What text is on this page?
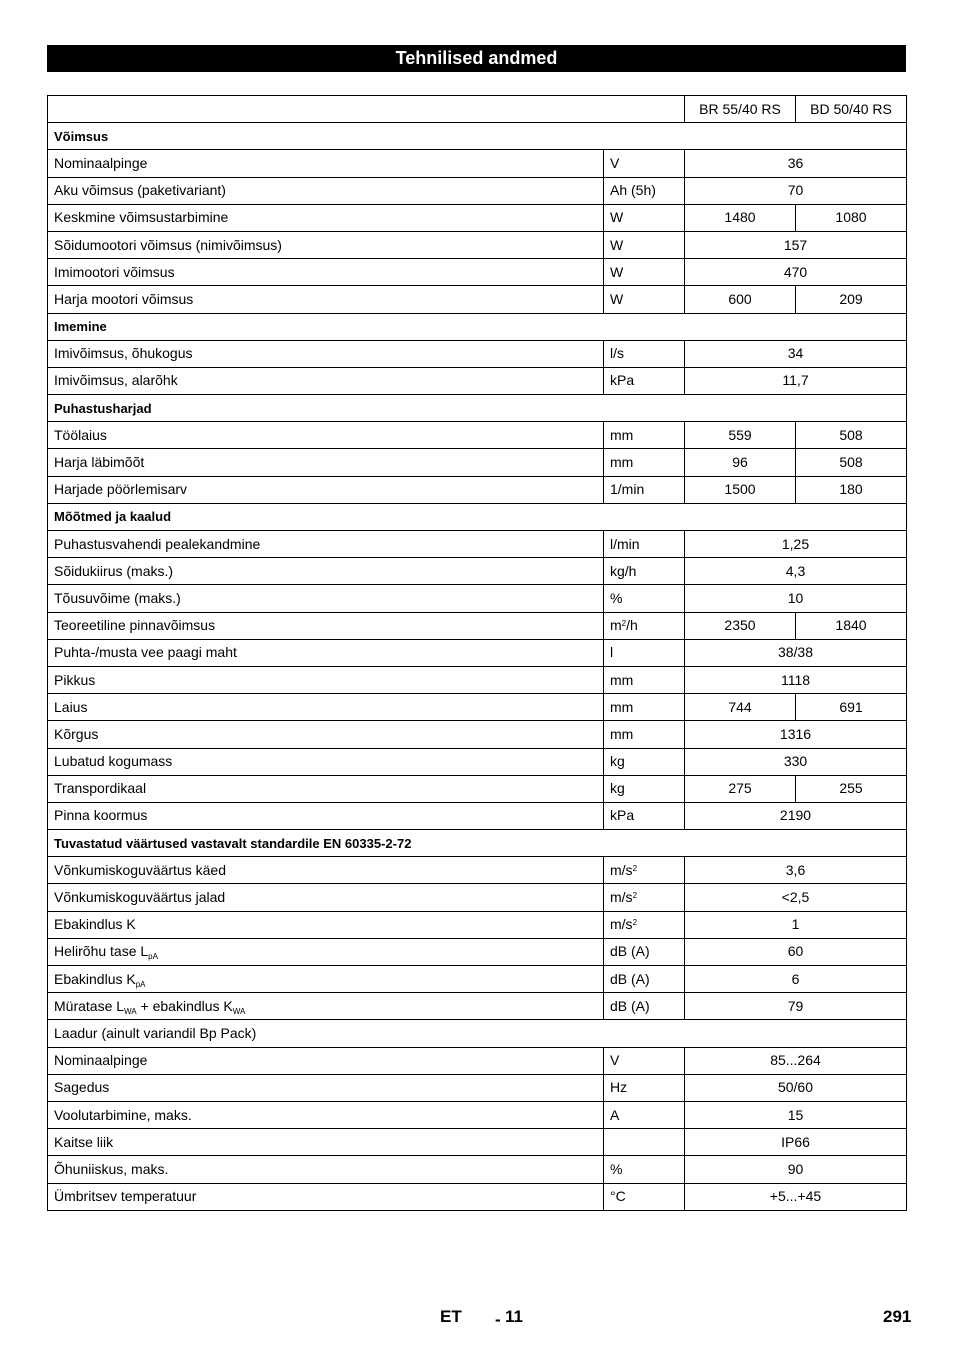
Tehnilised andmed
		BR 55/40 RS	BD 50/40 RS
Võimsus			
Nominaalpinge	V	36	
Aku võimsus (paketivariant)	Ah (5h)	70	
Keskmine võimsustarbimine	W	1480	1080
Sõidumootori võimsus (nimivõimsus)	W	157	
Imimootori võimsus	W	470	
Harja mootori võimsus	W	600	209
Imemine			
Imivõimsus, õhukogus	l/s	34	
Imivõimsus, alarõhk	kPa	11,7	
Puhastusharjad			
Töölaius	mm	559	508
Harja läbimõõt	mm	96	508
Harjade pöörlemisarv	1/min	1500	180
Mõõtmed ja kaalud			
Puhastusvahendi pealekandmine	l/min	1,25	
Sõidukiirus (maks.)	kg/h	4,3	
Tõusuvõime (maks.)	%	10	
Teoreetiline pinnavõimsus	$m^2/h$	2350	1840
Puhta-/musta vee paagi maht	l	38/38	
Pikkus	mm	1118	
Laius	mm	744	691
Kõrgus	mm	1316	
Lubatud kogumass	kg	330	
Transpordikaal	kg	275	255
Pinna koormus	kPa	2190	
Tuvastatud väärtused vastavalt standardile EN 60335-2-72			
Võnkumiskoguväärtus käed	$m/s^2$	3,6	
Võnkumiskoguväärtus jalad	$m/s^2$	<2,5	
Ebakindlus K	$m/s^2$	1	
Helirõhu tase $L_{pA}$	dB (A)	60	
Ebakindlus $K_{pA}$	dB (A)	6	
Müratase $L_{WA}$ + ebakindlus $K_{WA}$	dB (A)	79	
Laadur (ainult variandil Bp Pack)			
Nominaalpinge	V	85...264	
Sagedus	Hz	50/60	
Voolutarbimine, maks.	A	15	
Kaitse liik		IP66	
Õhuniiskus, maks.	%	90	
Ümbritsev temperatuur	°C	+5...+45	
ET - 11	291
